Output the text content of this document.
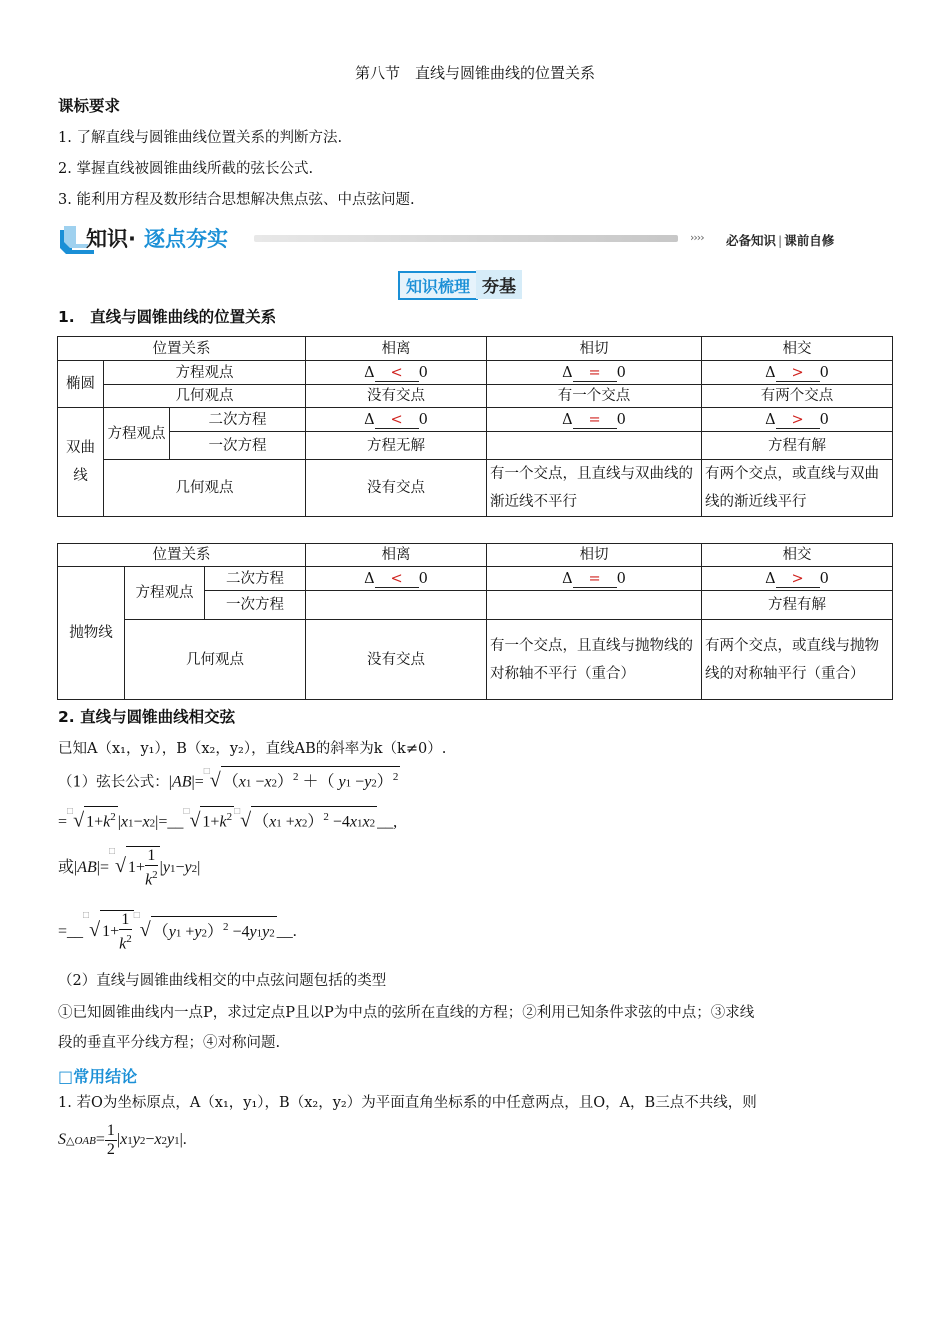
第八节　直线与圆锥曲线的位置关系
课标要求
1. 了解直线与圆锥曲线位置关系的判断方法.
2. 掌握直线被圆锥曲线所截的弦长公式.
3. 能利用方程及数形结合思想解决焦点弦、中点弦问题.
知识· 逐点夯实	›››› 必备知识 | 课前自修
知识梳理 夯基
1.　直线与圆锥曲线的位置关系
位置关系			相离	相切	相交
椭圆	方程观点		Δ < 0	Δ = 0	Δ > 0
	几何观点		没有交点	有一个交点	有两个交点
双曲线	方程观点	二次方程	Δ < 0	Δ = 0	Δ > 0
		一次方程	方程无解		方程有解
	几何观点		没有交点	有一个交点，且直线与双曲线的渐近线不平行	有两个交点，或直线与双曲线的渐近线平行
位置关系			相离	相切	相交
抛物线	方程观点	二次方程	Δ < 0	Δ = 0	Δ > 0
		一次方程			方程有解
	几何观点		没有交点	有一个交点，且直线与抛物线的对称轴不平行（重合）	有两个交点，或直线与抛物线的对称轴平行（重合）
2. 直线与圆锥曲线相交弦
已知A（x₁，y₁），B（x₂，y₂），直线AB的斜率为k（k≠0）.
（1）弦长公式：|AB|=□√ $(x1 -x2)^2$ ＋（ y1 −y2）$^2$
=□√ $1+k^2$ |x1−x2|=__□√ $1+k^2$ □√ $(x1 +x2)^2 -4x1x2$ __,
或|AB|=□√ $1+ \frac{1}{k^2} |y1-y2|$
=__□√ $1+ \frac{1}{k^2} ^□√$ $(y1 +y2)^2 -4y1y2$ __.
（2）直线与圆锥曲线相交的中点弦问题包括的类型
①已知圆锥曲线内一点P，求过定点P且以P为中点的弦所在直线的方程；②利用已知条件求弦的中点；③求线
段的垂直平分线方程；④对称问题.
□常用结论
1. 若O为坐标原点，A（x₁，y₁），B（x₂，y₂）为平面直角坐标系的中任意两点，且O，A，B三点不共线，则
S△OAB= $\frac{1}{2} |x1y2-x2y1|$.
